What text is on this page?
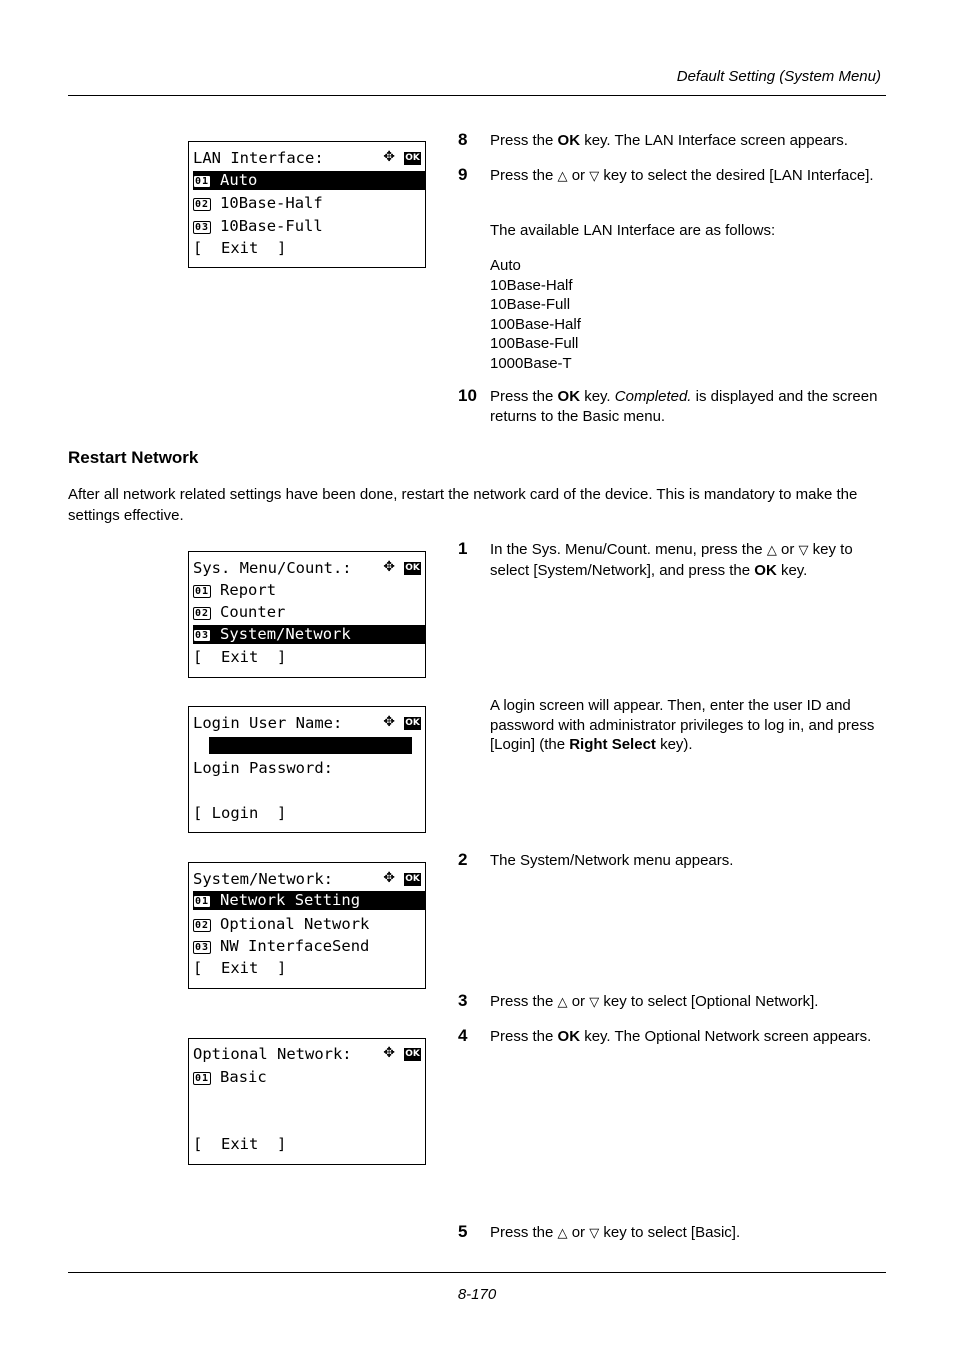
Default Setting (System Menu)
LAN Interface:	✥ OK
01 Auto
02 10Base-Half
03 10Base-Full
[  Exit  ]
8 Press the OK key. The LAN Interface screen appears.
9 Press the △ or ▽ key to select the desired [LAN Interface].
The available LAN Interface are as follows:
Auto
10Base-Half
10Base-Full
100Base-Half
100Base-Full
1000Base-T
10 Press the OK key. Completed. is displayed and the screen returns to the Basic menu.
Restart Network
After all network related settings have been done, restart the network card of the device. This is mandatory to make the settings effective.
Sys. Menu/Count.: ✥ OK
01 Report
02 Counter
03 System/Network
[  Exit  ]
1 In the Sys. Menu/Count. menu, press the △ or ▽ key to select [System/Network], and press the OK key.
Login User Name:	✥ OK
Login Password:
[ Login  ]
A login screen will appear. Then, enter the user ID and password with administrator privileges to log in, and press [Login] (the Right Select key).
System/Network:	✥ OK
01 Network Setting
02 Optional Network
03 NW InterfaceSend
[  Exit  ]
2 The System/Network menu appears.
3 Press the △ or ▽ key to select [Optional Network].
Optional Network: ✥ OK
01 Basic
[  Exit  ]
4 Press the OK key. The Optional Network screen appears.
5 Press the △ or ▽ key to select [Basic].
8-170
